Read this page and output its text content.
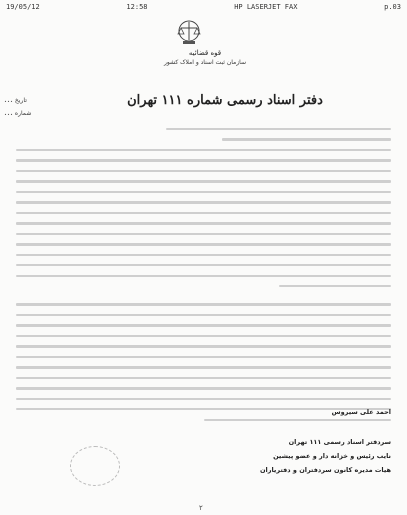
19/05/12	12:58	HP LASERJET FAX	p.03
قوه قضائیه
سازمان ثبت اسناد و املاک کشور
دفتر اسناد رسمی شماره ۱۱۱ تهران
… تاریخ
… شماره
احمد علی سیروس
سردفتر اسناد رسمی ۱۱۱ تهران
نایب رئیس و خزانه دار و عضو پیشین
هیات مدیره کانون سردفتران و دفتریاران
۲
